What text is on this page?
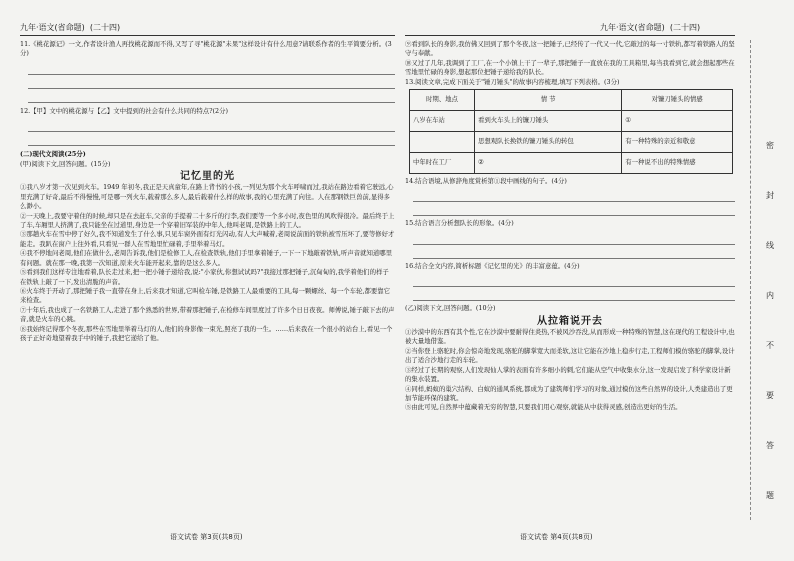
九年·语文(省命题) (二十四)	九年·语文(省命题) (二十四)

11.《桃花源记》一文,作者设计渔人再找桃花源而不得,又写了寻"桃花源"未果"这样设计有什么用意?请联系作者的生平简要分析。(3分)

12.【甲】文中的桃花源与【乙】文中提到的社会有什么共同的特点?(2分)

(二)现代文阅读(25分)
(甲)阅读下文,回答问题。(15分)
记忆里的光

①我八岁才第一次见到火车。1949 年初冬,我正是天真童年,在路上背书的小孩,一列见为那个火车呼啸而过,我站在路边看着它驶远,心里充满了好奇,最后不得慢慢,可是哪一列火车,载着那么多人,最后载着什么样的故事,我的心里充满了向往。人在那钢铁巨兽前,显得多么渺小。

②一天晚上,我要守着住的时候,却只是在去赶车,父亲的手提着二十多斤的行李,我们要等一个多小时,夜色里的风吹得很冷。最后终于上了车,车厢里人挤满了,我只能坐在过道里,身边是一个穿着旧军装的中年人,他叫老周,是铁路上的工人。

③那趟火车在雪中停了好久,我不知道发生了什么事,只见车窗外面有灯光闪动,有人大声喊着,老周说前面的铁轨被雪压坏了,要等修好才能走。我趴在窗户上往外看,只看见一群人在雪地里忙碌着,手里举着马灯。

④我不停地问老周,他们在做什么,老周告诉我,他们是检修工人,在检查铁轨,他们手里拿着锤子,一下一下地敲着铁轨,听声音就知道哪里有问题。就在那一晚,我第一次知道,原来火车能开起来,靠的是这么多人。

⑤看到我们这样专注地看着,队长走过来,把一把小锤子递给我,说:"小家伙,你想试试吗?"我接过那把锤子,沉甸甸的,我学着他们的样子在铁轨上敲了一下,发出清脆的声音。

⑥火车终于开动了,那把锤子我一直带在身上,后来我才知道,它叫检车锤,是铁路工人最重要的工具,每一颗螺丝、每一个车轮,都要靠它来检查。

⑦十年后,我也成了一名铁路工人,走进了那个熟悉的世界,带着那把锤子,在检修车间里度过了许多个日日夜夜。师傅说,锤子敲下去的声音,就是火车的心跳。

⑧我始终记得那个冬夜,那些在雪地里举着马灯的人,他们的身影像一束光,照亮了我的一生。……后来我在一个很小的站台上,看见一个孩子正好奇地望着我手中的锤子,我把它递给了他。

语文试卷 第3页(共8页)

⑨看到队长的身影,我仿佛又回到了那个冬夜,这一把锤子,已经传了一代又一代,它敲过的每一寸铁轨,都写着铁路人的坚守与奉献。

⑩又过了几年,我调到了工厂,在一个小镇上干了一辈子,那把锤子一直放在我的工具箱里,每当我看到它,就会想起那些在雪地里忙碌的身影,想起那位把锤子递给我的队长。

13.阅读文章,完成下面关于"锤刀锤头"的故事内容梳理,填写下列表格。(3分)

时期、地点	情 节	对镰刀锤头的情感
八岁在车站	看到火车头上的镰刀锤头	①
	思想观队长换铁的镰刀锤头的转包	有一种特殊的亲近和敬意
中年时在工厂	②	有一种说不出的特殊情感

14.结合语境,从修辞角度赏析第①段中画线的句子。(4分)

15.结合语言分析想队长的形象。(4分)

16.结合全文内容,简析标题《记忆里的光》的丰富意蕴。(4分)

(乙)阅读下文,回答问题。(10分)
从拉箱说开去

①沙漠中的东西有其个性,它在沙漠中要耐得住炎热,不被风沙吞没,从而形成一种特殊的智慧,这在现代的工程设计中,也被大量地借鉴。

②当你登上骆驼时,你会惊奇地发现,骆驼的脚掌宽大而柔软,这让它能在沙地上稳步行走,工程师们模仿骆驼的脚掌,设计出了适合沙地行走的车轮。

③经过了长期的观察,人们发现仙人掌的表面有许多细小的刺,它们能从空气中收集水分,这一发现启发了科学家设计新的集水装置。

④同样,蚂蚁的巢穴结构、白蚁的通风系统,都成为了建筑师们学习的对象,通过模仿这些自然界的设计,人类建造出了更加节能环保的建筑。

⑤由此可见,自然界中蕴藏着无穷的智慧,只要我们用心观察,就能从中获得灵感,创造出更好的生活。

语文试卷 第4页(共8页)
密
封
线
内
不
要
答
题
